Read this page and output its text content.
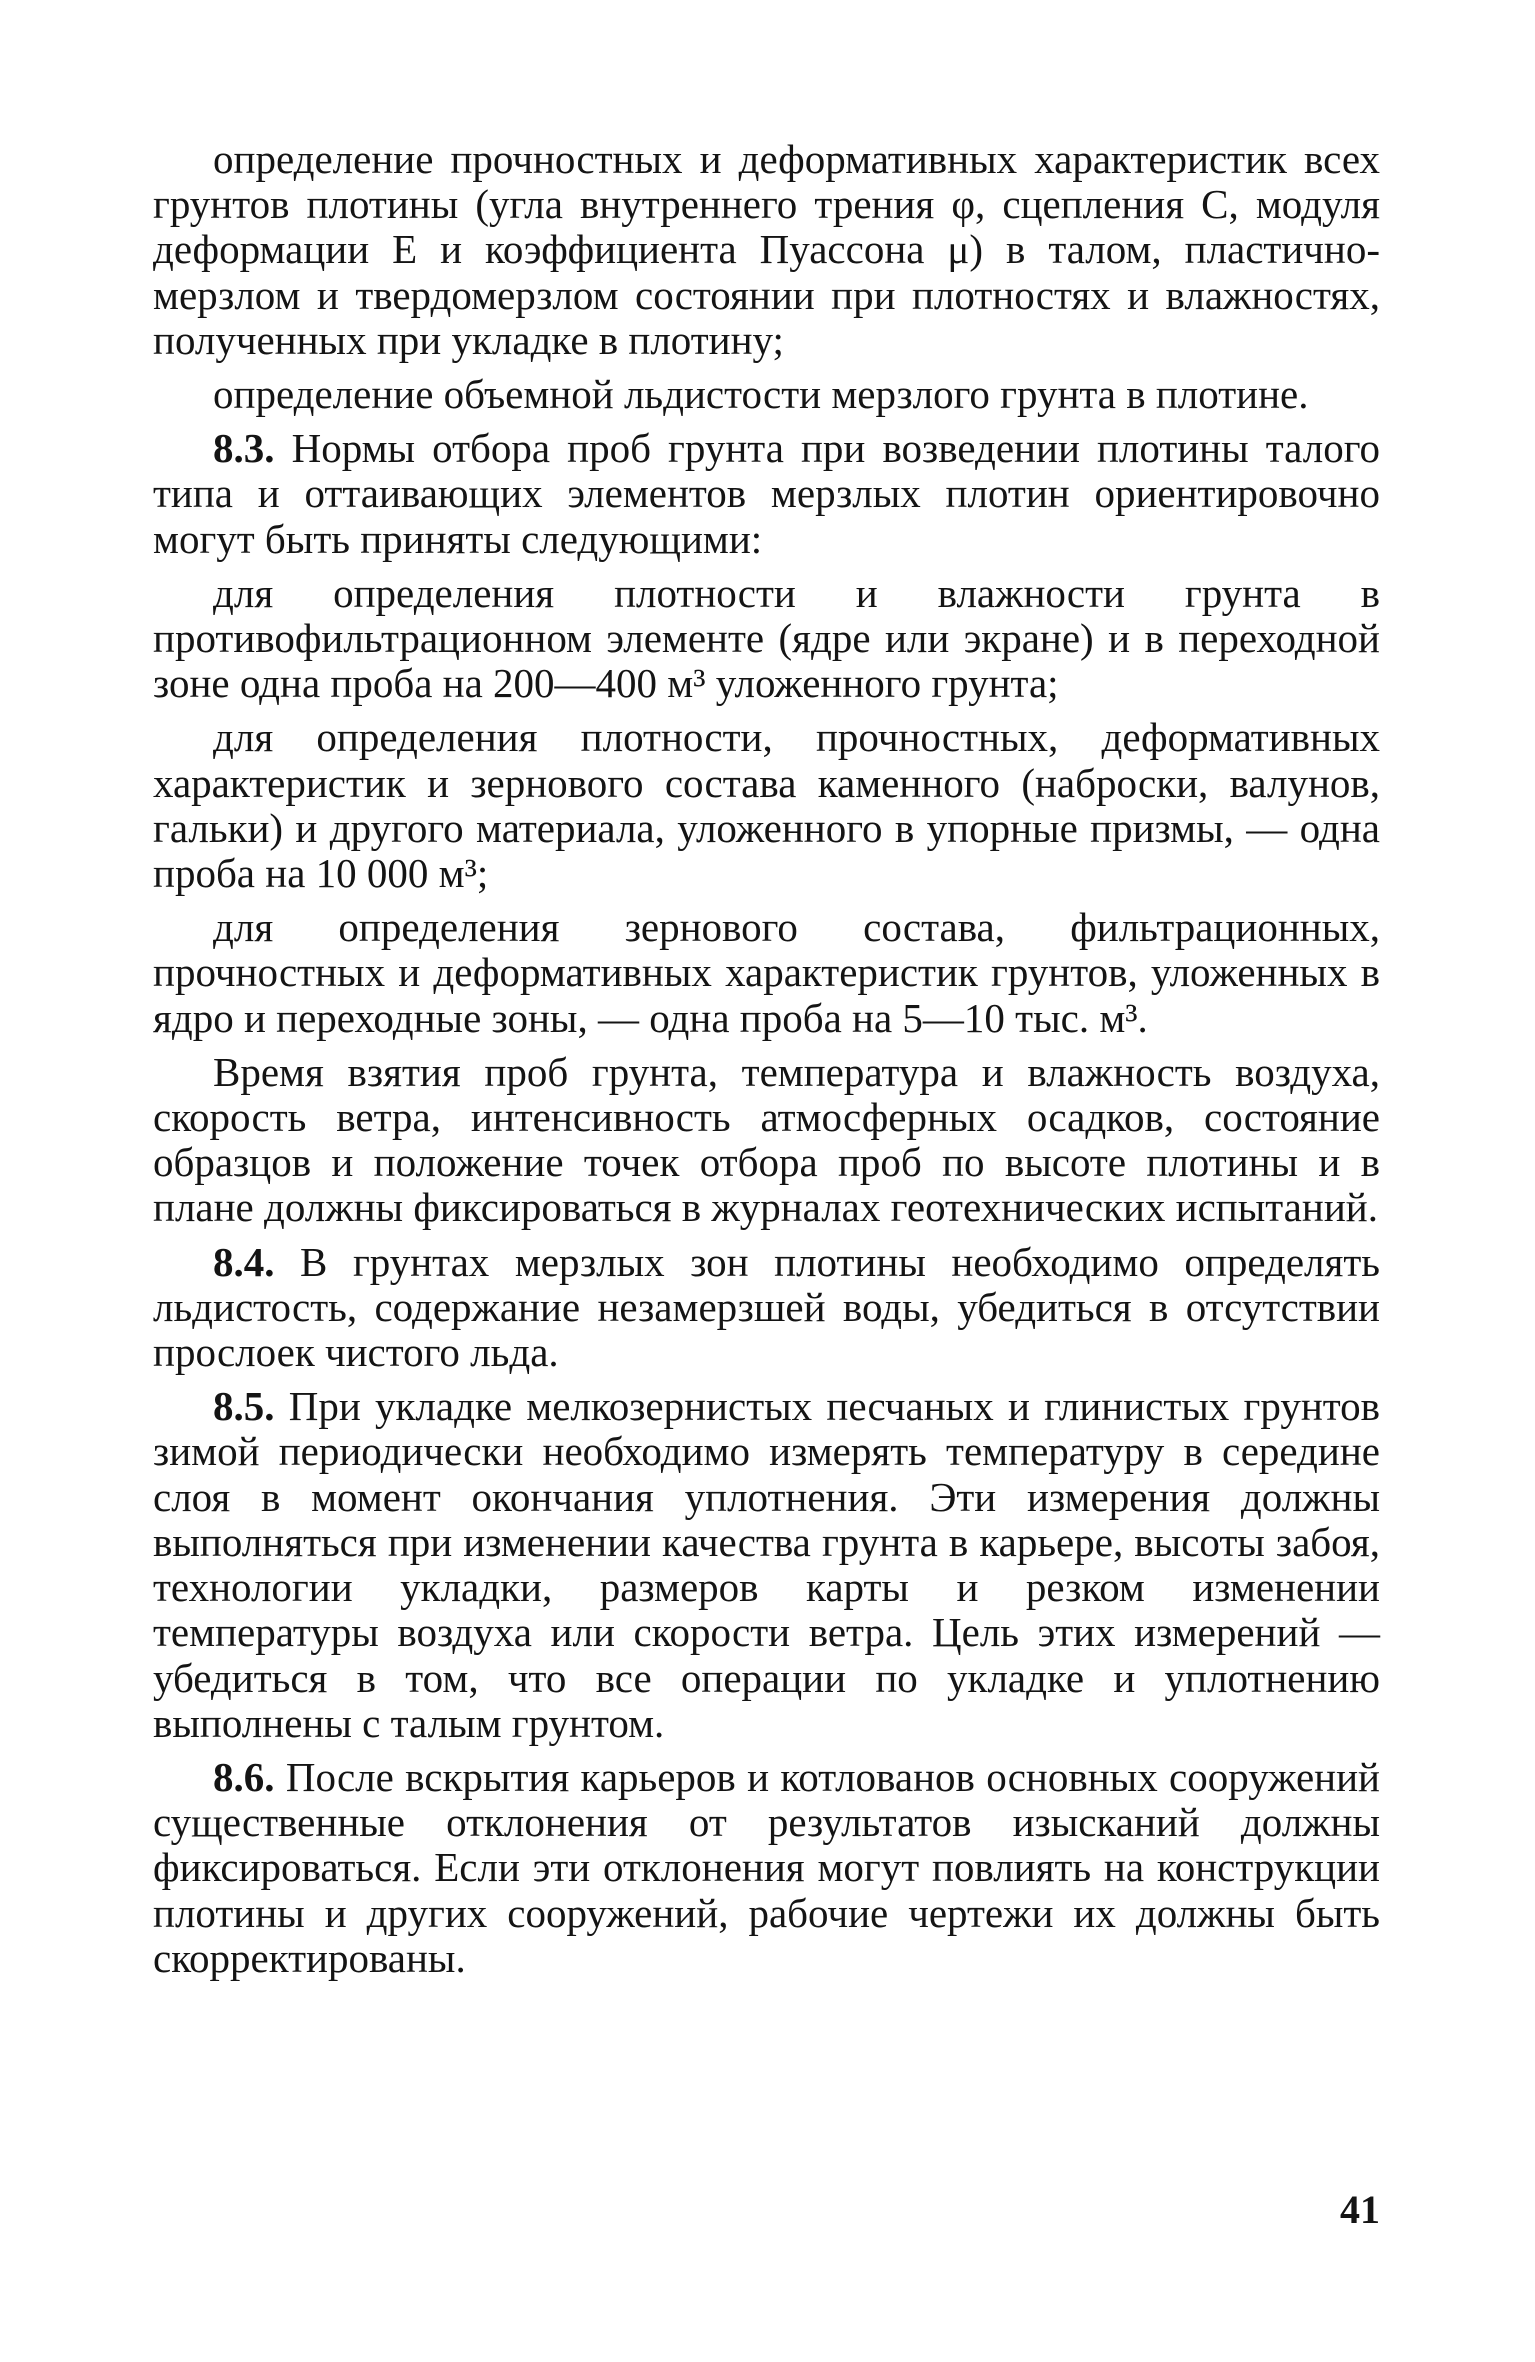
определение прочностных и деформативных характеристик всех грунтов плотины (угла внутреннего трения φ, сцепления C, модуля деформации E и коэффициента Пуассона μ) в талом, пластично-мерзлом и твердомерзлом состоянии при плотностях и влажностях, полученных при укладке в плотину;

определение объемной льдистости мерзлого грунта в плотине.

8.3. Нормы отбора проб грунта при возведении плотины талого типа и оттаивающих элементов мерзлых плотин ориентировочно могут быть приняты следующими:

для определения плотности и влажности грунта в противофильтрационном элементе (ядре или экране) и в переходной зоне одна проба на 200—400 м³ уложенного грунта;

для определения плотности, прочностных, деформативных характеристик и зернового состава каменного (наброски, валунов, гальки) и другого материала, уложенного в упорные призмы, — одна проба на 10 000 м³;

для определения зернового состава, фильтрационных, прочностных и деформативных характеристик грунтов, уложенных в ядро и переходные зоны, — одна проба на 5—10 тыс. м³.

Время взятия проб грунта, температура и влажность воздуха, скорость ветра, интенсивность атмосферных осадков, состояние образцов и положение точек отбора проб по высоте плотины и в плане должны фиксироваться в журналах геотехнических испытаний.

8.4. В грунтах мерзлых зон плотины необходимо определять льдистость, содержание незамерзшей воды, убедиться в отсутствии прослоек чистого льда.

8.5. При укладке мелкозернистых песчаных и глинистых грунтов зимой периодически необходимо измерять температуру в середине слоя в момент окончания уплотнения. Эти измерения должны выполняться при изменении качества грунта в карьере, высоты забоя, технологии укладки, размеров карты и резком изменении температуры воздуха или скорости ветра. Цель этих измерений — убедиться в том, что все операции по укладке и уплотнению выполнены с талым грунтом.

8.6. После вскрытия карьеров и котлованов основных сооружений существенные отклонения от результатов изысканий должны фиксироваться. Если эти отклонения могут повлиять на конструкции плотины и других сооружений, рабочие чертежи их должны быть скорректированы.

41
